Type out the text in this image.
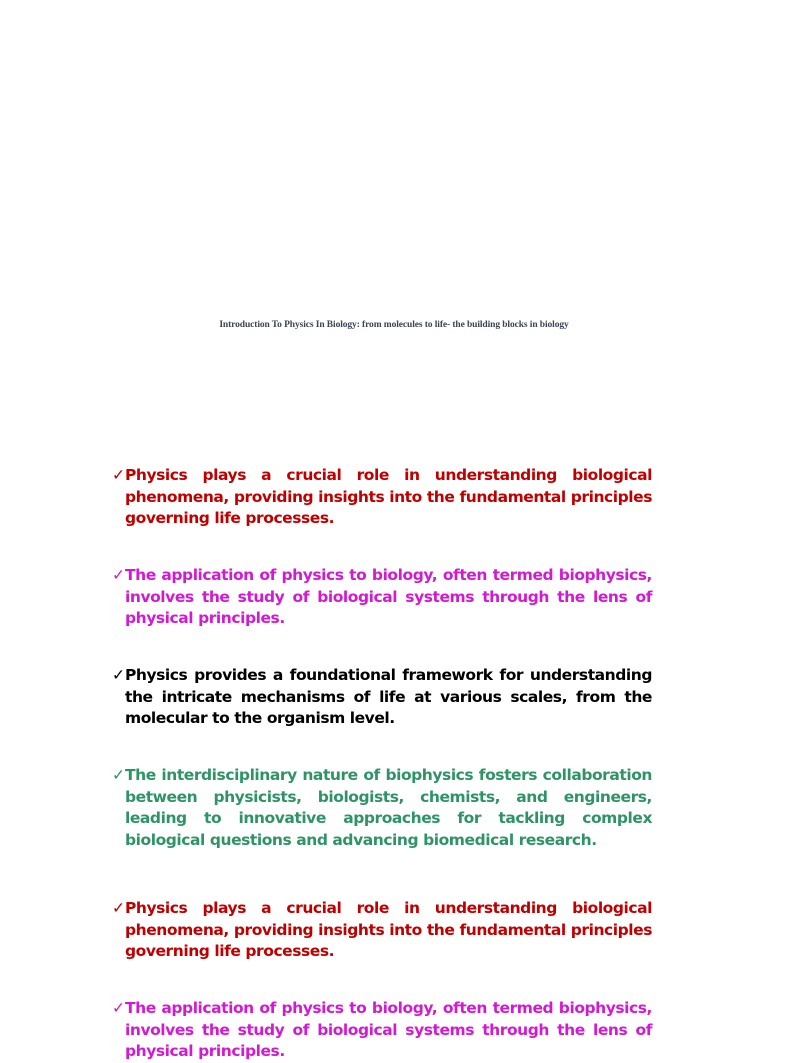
Introduction To Physics In Biology: from molecules to life- the building blocks in biology
✓ Physics plays a crucial role in understanding biological phenomena, providing insights into the fundamental principles governing life processes.
✓ The application of physics to biology, often termed biophysics, involves the study of biological systems through the lens of physical principles.
✓ Physics provides a foundational framework for understanding the intricate mechanisms of life at various scales, from the molecular to the organism level.
✓ The interdisciplinary nature of biophysics fosters collaboration between physicists, biologists, chemists, and engineers, leading to innovative approaches for tackling complex biological questions and advancing biomedical research.
✓ Physics plays a crucial role in understanding biological phenomena, providing insights into the fundamental principles governing life processes.
✓ The application of physics to biology, often termed biophysics, involves the study of biological systems through the lens of physical principles.
